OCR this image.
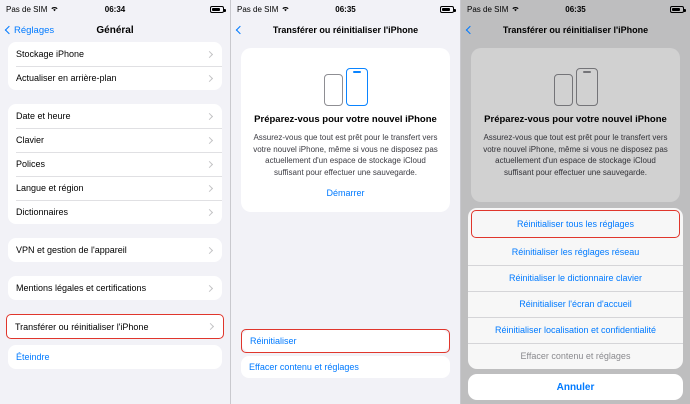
Pas de SIM	06:34
Réglages	Général
Stockage iPhone
Actualiser en arrière-plan
Date et heure
Clavier
Polices
Langue et région
Dictionnaires
VPN et gestion de l'appareil
Mentions légales et certifications
Transférer ou réinitialiser l'iPhone
Éteindre
Pas de SIM	06:35
Transférer ou réinitialiser l'iPhone
Préparez-vous pour votre nouvel iPhone
Assurez-vous que tout est prêt pour le transfert vers votre nouvel iPhone, même si vous ne disposez pas actuellement d'un espace de stockage iCloud suffisant pour effectuer une sauvegarde.
Démarrer
Réinitialiser
Effacer contenu et réglages
Pas de SIM	06:35
Transférer ou réinitialiser l'iPhone
Préparez-vous pour votre nouvel iPhone
Assurez-vous que tout est prêt pour le transfert vers votre nouvel iPhone, même si vous ne disposez pas actuellement d'un espace de stockage iCloud suffisant pour effectuer une sauvegarde.
Réinitialiser tous les réglages
Réinitialiser les réglages réseau
Réinitialiser le dictionnaire clavier
Réinitialiser l'écran d'accueil
Réinitialiser localisation et confidentialité
Effacer contenu et réglages
Annuler
